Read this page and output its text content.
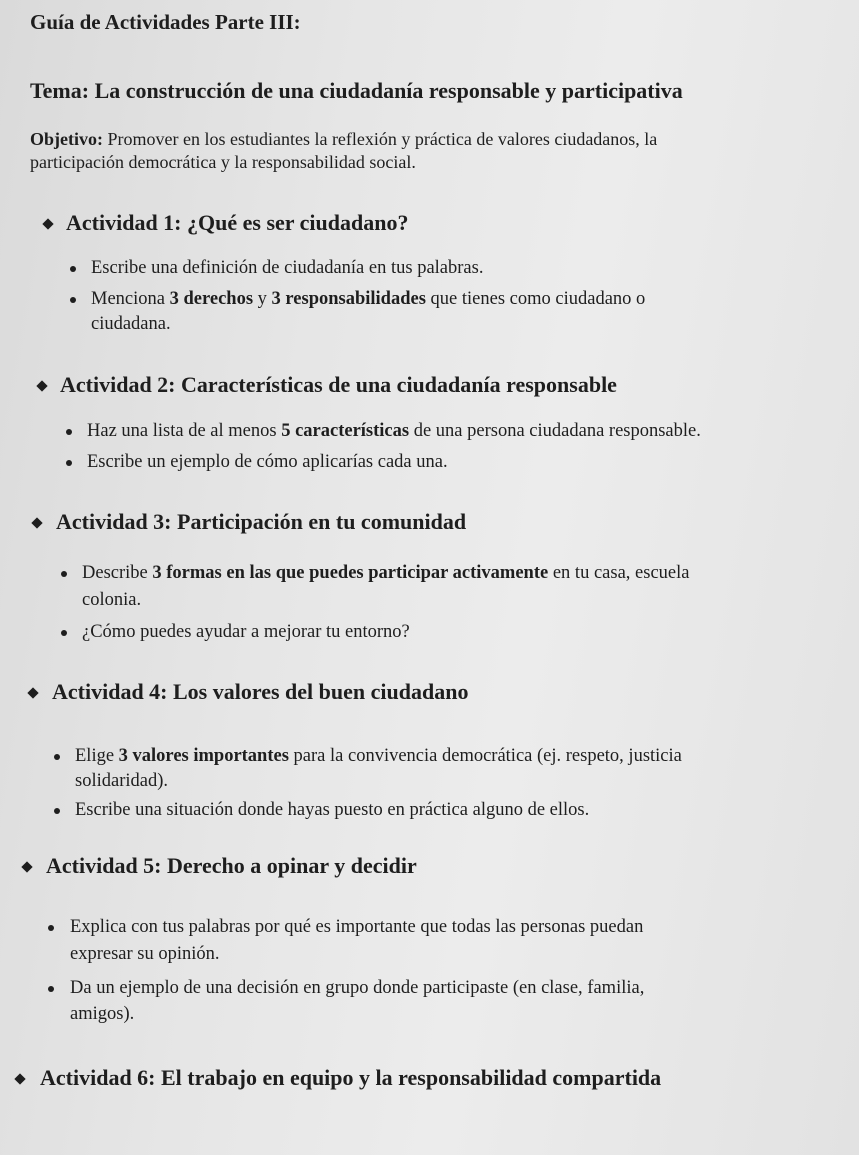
Guía de Actividades Parte III:
Tema: La construcción de una ciudadanía responsable y participativa

Objetivo: Promover en los estudiantes la reflexión y práctica de valores ciudadanos, la
participación democrática y la responsabilidad social.

Actividad 1: ¿Qué es ser ciudadano?

Escribe una definición de ciudadanía en tus palabras.

Menciona 3 derechos y 3 responsabilidades que tienes como ciudadano o

ciudadana.

Actividad 2: Características de una ciudadanía responsable

Haz una lista de al menos 5 características de una persona ciudadana responsable.

Escribe un ejemplo de cómo aplicarías cada una.

Actividad 3: Participación en tu comunidad

Describe 3 formas en las que puedes participar activamente en tu casa, escuela

colonia.

¿Cómo puedes ayudar a mejorar tu entorno?

Actividad 4: Los valores del buen ciudadano

Elige 3 valores importantes para la convivencia democrática (ej. respeto, justicia

solidaridad).

Escribe una situación donde hayas puesto en práctica alguno de ellos.

Actividad 5: Derecho a opinar y decidir

Explica con tus palabras por qué es importante que todas las personas puedan

expresar su opinión.

Da un ejemplo de una decisión en grupo donde participaste (en clase, familia,

amigos).

Actividad 6: El trabajo en equipo y la responsabilidad compartida
